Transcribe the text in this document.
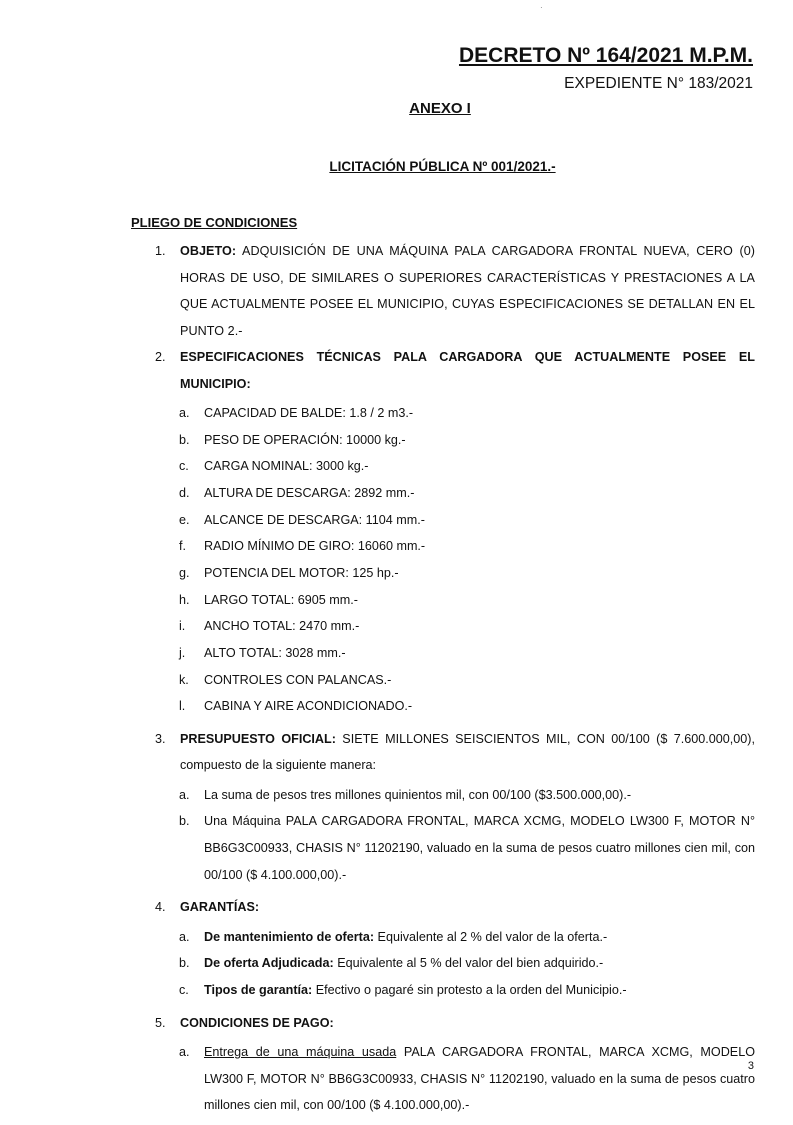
·

DECRETO Nº 164/2021 M.P.M.

EXPEDIENTE N° 183/2021

ANEXO I

LICITACIÓN PÚBLICA Nº 001/2021.-

PLIEGO DE CONDICIONES

1.	OBJETO: ADQUISICIÓN DE UNA MÁQUINA PALA CARGADORA FRONTAL NUEVA, CERO (0) HORAS DE USO, DE SIMILARES O SUPERIORES CARACTERÍSTICAS Y PRESTACIONES A LA QUE ACTUALMENTE POSEE EL MUNICIPIO, CUYAS ESPECIFICACIONES SE DETALLAN EN EL PUNTO 2.-

2.	ESPECIFICACIONES TÉCNICAS PALA CARGADORA QUE ACTUALMENTE POSEE EL MUNICIPIO:

a.	CAPACIDAD DE BALDE: 1.8 / 2 m3.-
b.	PESO DE OPERACIÓN: 10000 kg.-
c.	CARGA NOMINAL: 3000 kg.-
d.	ALTURA DE DESCARGA: 2892 mm.-
e.	ALCANCE DE DESCARGA: 1104 mm.-
f.	RADIO MÍNIMO DE GIRO: 16060 mm.-
g.	POTENCIA DEL MOTOR: 125 hp.-
h.	LARGO TOTAL: 6905 mm.-
i.	ANCHO TOTAL: 2470 mm.-
j.	ALTO TOTAL: 3028 mm.-
k.	CONTROLES CON PALANCAS.-
l.	CABINA Y AIRE ACONDICIONADO.-
3.	PRESUPUESTO OFICIAL: SIETE MILLONES SEISCIENTOS MIL, CON 00/100 ($ 7.600.000,00), compuesto de la siguiente manera:

a.	La suma de pesos tres millones quinientos mil, con 00/100 ($3.500.000,00).-
b.	Una Máquina PALA CARGADORA FRONTAL, MARCA XCMG, MODELO LW300 F, MOTOR N° BB6G3C00933, CHASIS N° 11202190, valuado en la suma de pesos cuatro millones cien mil, con 00/100 ($ 4.100.000,00).-
4.	GARANTÍAS:

a.	De mantenimiento de oferta: Equivalente al 2 % del valor de la oferta.-
b.	De oferta Adjudicada: Equivalente al 5 % del valor del bien adquirido.-
c.	Tipos de garantía: Efectivo o pagaré sin protesto a la orden del Municipio.-
5.	CONDICIONES DE PAGO:

a.	Entrega de una máquina usada PALA CARGADORA FRONTAL, MARCA XCMG, MODELO LW300 F, MOTOR N° BB6G3C00933, CHASIS N° 11202190, valuado en la suma de pesos cuatro millones cien mil, con 00/100 ($ 4.100.000,00).-

3
